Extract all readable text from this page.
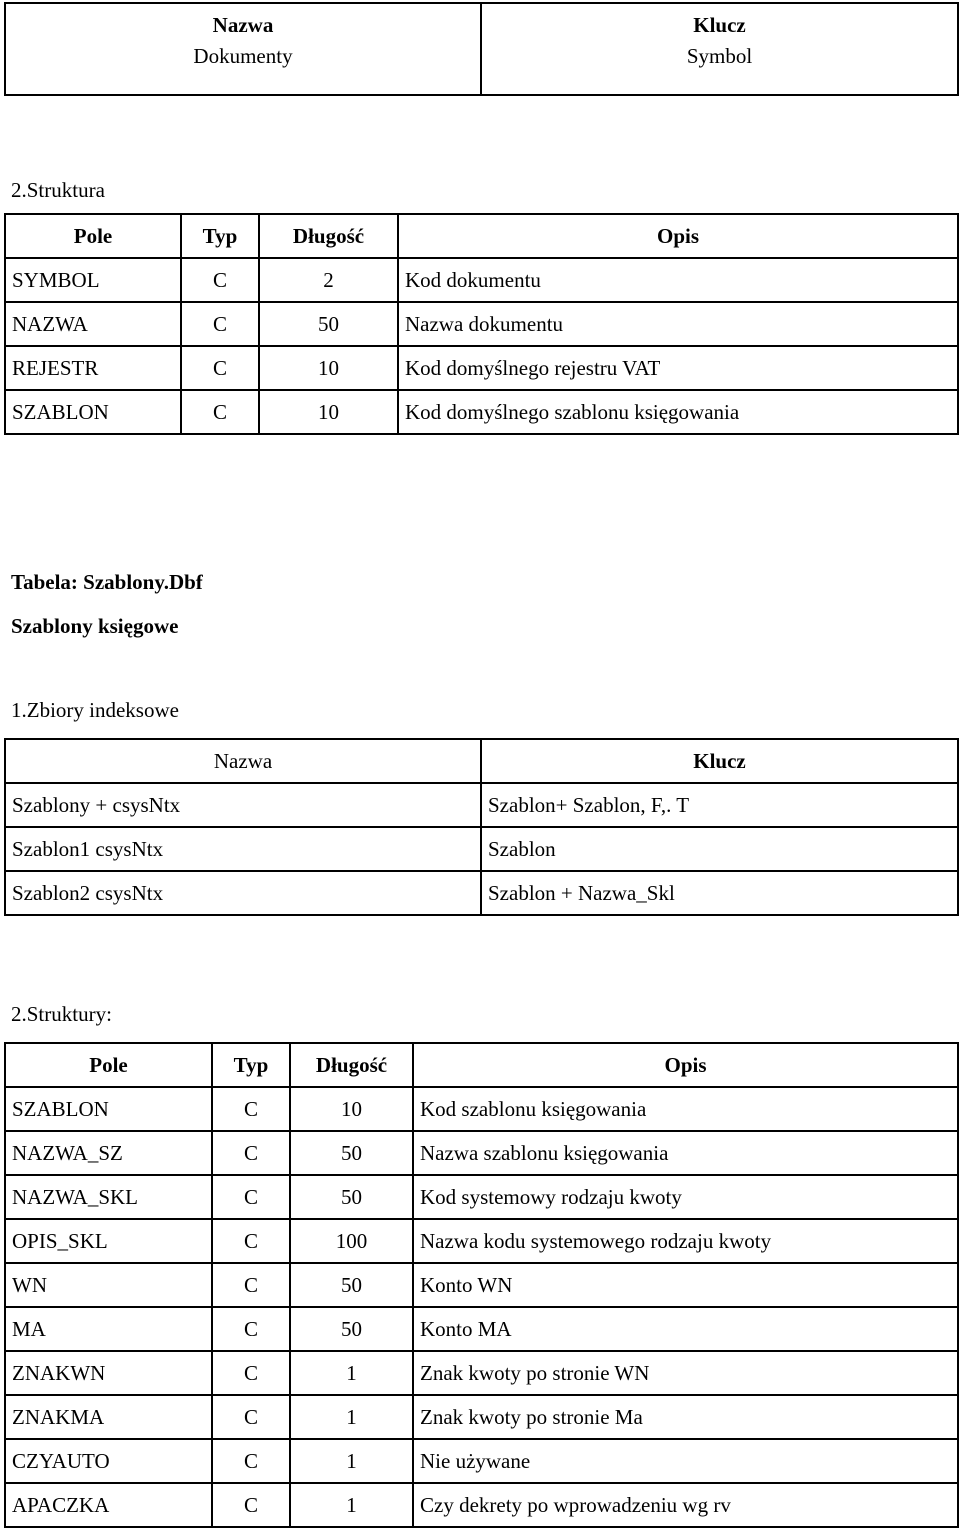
Nazwa	Klucz
Dokumenty	Symbol
2.Struktura
Pole	Typ	Długość	Opis
SYMBOL	C	2	Kod dokumentu
NAZWA	C	50	Nazwa dokumentu
REJESTR	C	10	Kod domyślnego rejestru VAT
SZABLON	C	10	Kod domyślnego szablonu księgowania
Tabela: Szablony.Dbf
Szablony księgowe
1.Zbiory indeksowe
Nazwa	Klucz
Szablony + csysNtx	Szablon+ Szablon, F,. T
Szablon1 csysNtx	Szablon
Szablon2 csysNtx	Szablon + Nazwa_Skl
2.Struktury:
Pole	Typ	Długość	Opis
SZABLON	C	10	Kod szablonu księgowania
NAZWA_SZ	C	50	Nazwa szablonu księgowania
NAZWA_SKL	C	50	Kod systemowy rodzaju kwoty
OPIS_SKL	C	100	Nazwa kodu systemowego rodzaju kwoty
WN	C	50	Konto WN
MA	C	50	Konto MA
ZNAKWN	C	1	Znak kwoty po stronie WN
ZNAKMA	C	1	Znak kwoty po stronie Ma
CZYAUTO	C	1	Nie używane
APACZKA	C	1	Czy dekrety po wprowadzeniu wg rv
